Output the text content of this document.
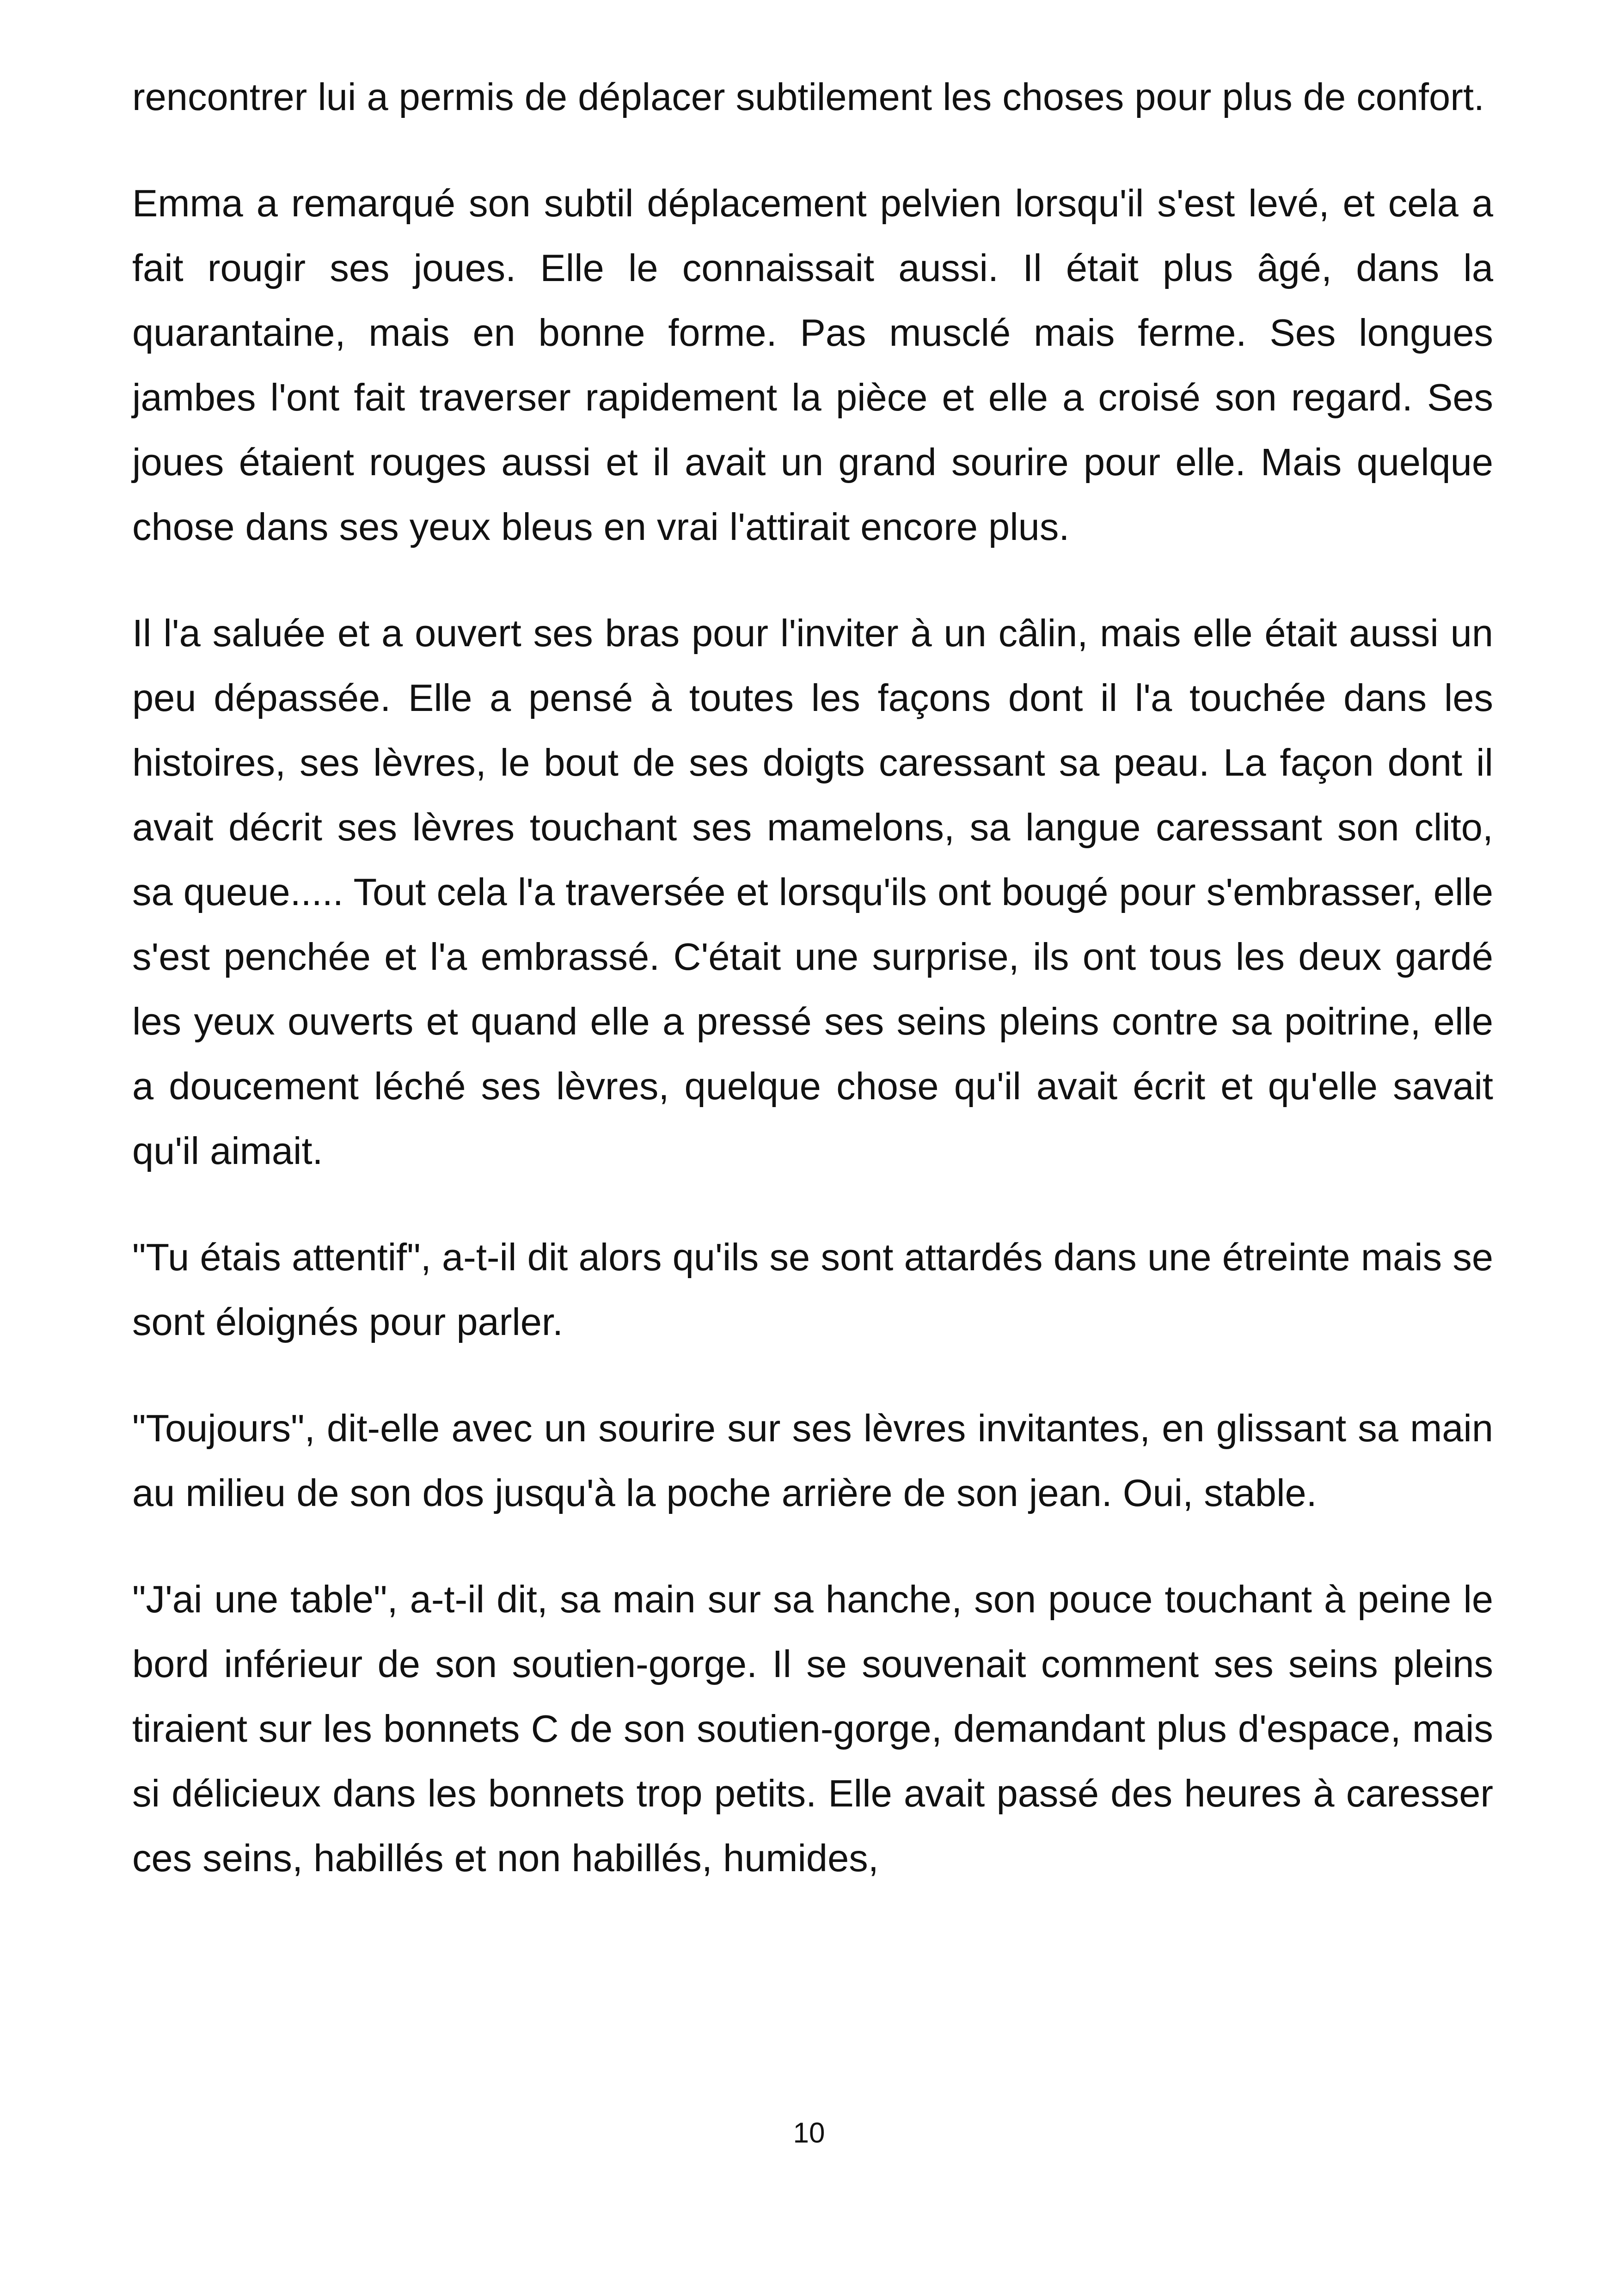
rencontrer lui a permis de déplacer subtilement les choses pour plus de confort.

Emma a remarqué son subtil déplacement pelvien lorsqu'il s'est levé, et cela a fait rougir ses joues. Elle le connaissait aussi. Il était plus âgé, dans la quarantaine, mais en bonne forme. Pas musclé mais ferme. Ses longues jambes l'ont fait traverser rapidement la pièce et elle a croisé son regard. Ses joues étaient rouges aussi et il avait un grand sourire pour elle. Mais quelque chose dans ses yeux bleus en vrai l'attirait encore plus.

Il l'a saluée et a ouvert ses bras pour l'inviter à un câlin, mais elle était aussi un peu dépassée. Elle a pensé à toutes les façons dont il l'a touchée dans les histoires, ses lèvres, le bout de ses doigts caressant sa peau. La façon dont il avait décrit ses lèvres touchant ses mamelons, sa langue caressant son clito, sa queue..... Tout cela l'a traversée et lorsqu'ils ont bougé pour s'embrasser, elle s'est penchée et l'a embrassé. C'était une surprise, ils ont tous les deux gardé les yeux ouverts et quand elle a pressé ses seins pleins contre sa poitrine, elle a doucement léché ses lèvres, quelque chose qu'il avait écrit et qu'elle savait qu'il aimait.

"Tu étais attentif", a-t-il dit alors qu'ils se sont attardés dans une étreinte mais se sont éloignés pour parler.

"Toujours", dit-elle avec un sourire sur ses lèvres invitantes, en glissant sa main au milieu de son dos jusqu'à la poche arrière de son jean. Oui, stable.

"J'ai une table", a-t-il dit, sa main sur sa hanche, son pouce touchant à peine le bord inférieur de son soutien-gorge. Il se souvenait comment ses seins pleins tiraient sur les bonnets C de son soutien-gorge, demandant plus d'espace, mais si délicieux dans les bonnets trop petits. Elle avait passé des heures à caresser ces seins, habillés et non habillés, humides,

10
